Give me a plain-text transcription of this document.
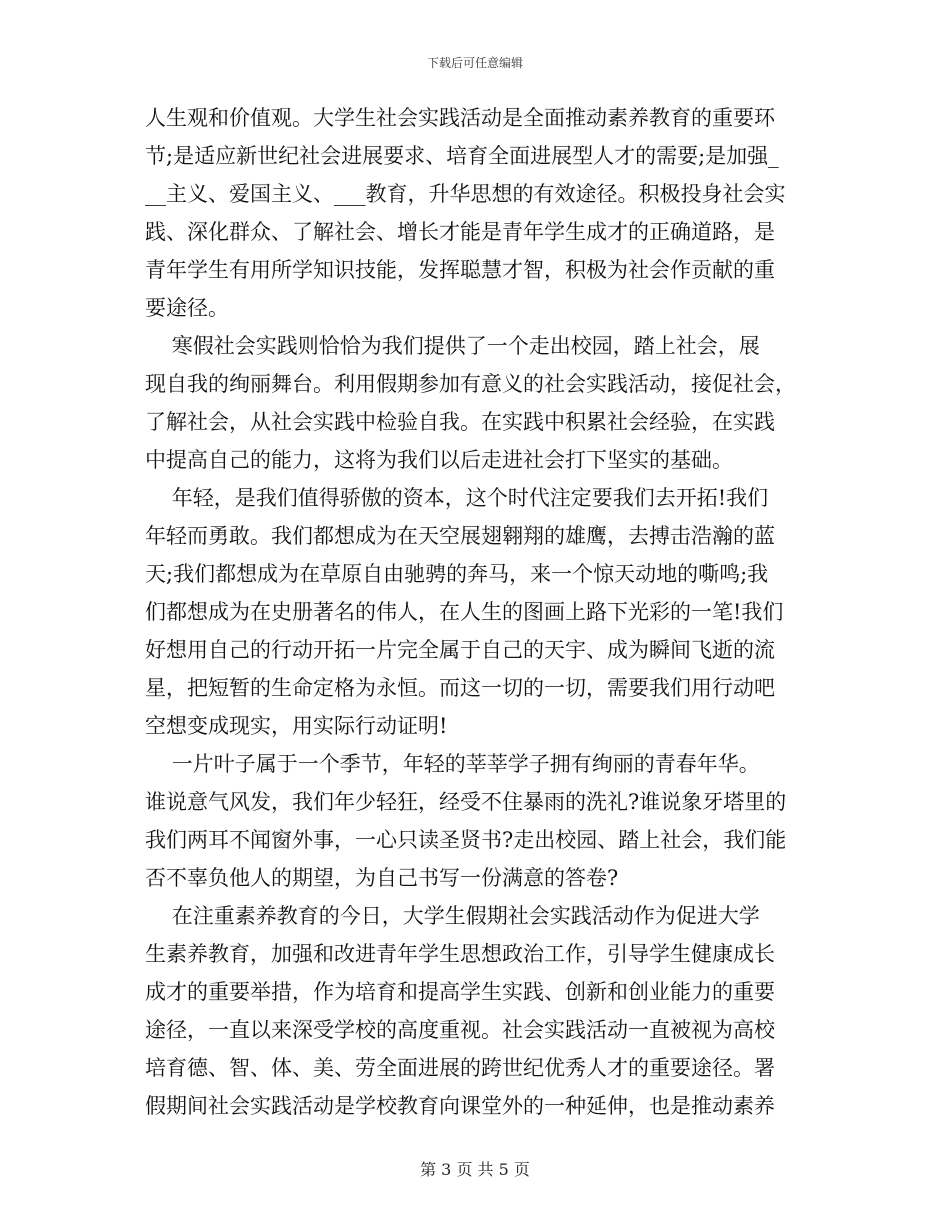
下载后可任意编辑
人生观和价值观。大学生社会实践活动是全面推动素养教育的重要环
节;是适应新世纪社会进展要求、培育全面进展型人才的需要;是加强_
__主义、爱国主义、___教育，升华思想的有效途径。积极投身社会实
践、深化群众、了解社会、增长才能是青年学生成才的正确道路，是
青年学生有用所学知识技能，发挥聪慧才智，积极为社会作贡献的重
要途径。
寒假社会实践则恰恰为我们提供了一个走出校园，踏上社会，展
现自我的绚丽舞台。利用假期参加有意义的社会实践活动，接促社会，
了解社会，从社会实践中检验自我。在实践中积累社会经验，在实践
中提高自己的能力，这将为我们以后走进社会打下坚实的基础。
年轻，是我们值得骄傲的资本，这个时代注定要我们去开拓!我们
年轻而勇敢。我们都想成为在天空展翅翱翔的雄鹰，去搏击浩瀚的蓝
天;我们都想成为在草原自由驰骋的奔马，来一个惊天动地的嘶鸣;我
们都想成为在史册著名的伟人，在人生的图画上路下光彩的一笔!我们
好想用自己的行动开拓一片完全属于自己的天宇、成为瞬间飞逝的流
星，把短暂的生命定格为永恒。而这一切的一切，需要我们用行动吧
空想变成现实，用实际行动证明!
一片叶子属于一个季节，年轻的莘莘学子拥有绚丽的青春年华。
谁说意气风发，我们年少轻狂，经受不住暴雨的洗礼?谁说象牙塔里的
我们两耳不闻窗外事，一心只读圣贤书?走出校园、踏上社会，我们能
否不辜负他人的期望，为自己书写一份满意的答卷?
在注重素养教育的今日，大学生假期社会实践活动作为促进大学
生素养教育，加强和改进青年学生思想政治工作，引导学生健康成长
成才的重要举措，作为培育和提高学生实践、创新和创业能力的重要
途径，一直以来深受学校的高度重视。社会实践活动一直被视为高校
培育德、智、体、美、劳全面进展的跨世纪优秀人才的重要途径。署
假期间社会实践活动是学校教育向课堂外的一种延伸，也是推动素养
第 3 页 共 5 页
